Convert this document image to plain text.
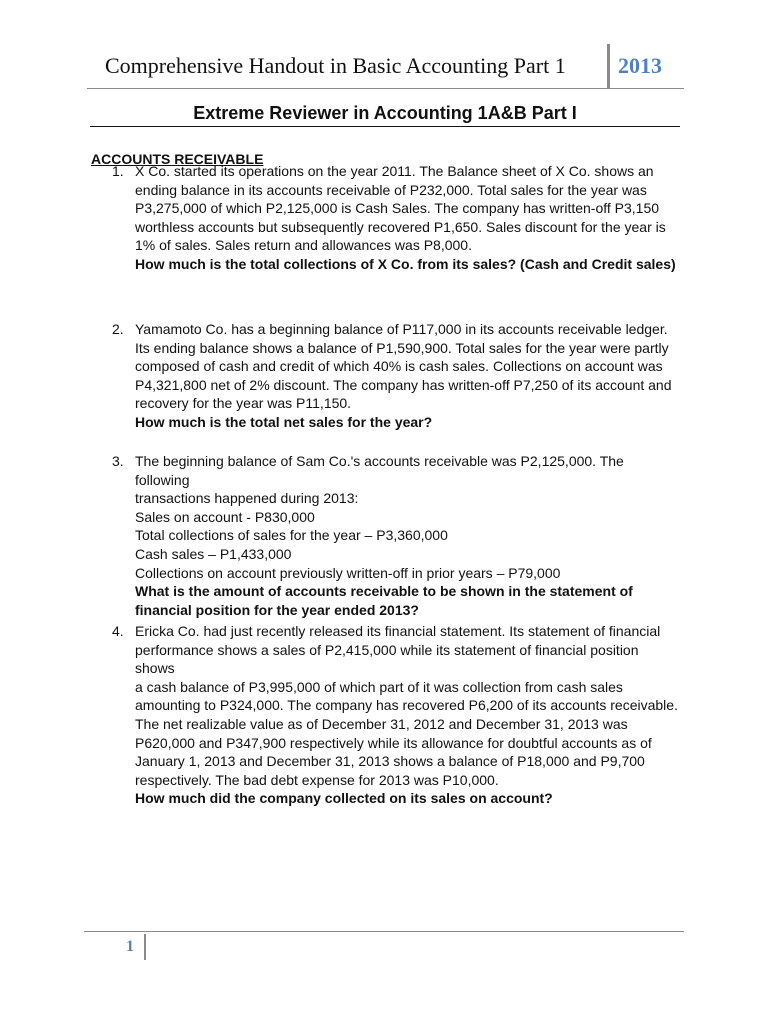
Comprehensive Handout in Basic Accounting Part 1 2013
Extreme Reviewer in Accounting 1A&B Part I
ACCOUNTS RECEIVABLE
1. X Co. started its operations on the year 2011. The Balance sheet of X Co. shows an

ending balance in its accounts receivable of P232,000. Total sales for the year was

P3,275,000 of which P2,125,000 is Cash Sales. The company has written-off P3,150

worthless accounts but subsequently recovered P1,650. Sales discount for the year is

1% of sales. Sales return and allowances was P8,000.

How much is the total collections of X Co. from its sales? (Cash and Credit sales)

2. Yamamoto Co. has a beginning balance of P117,000 in its accounts receivable ledger.

Its ending balance shows a balance of P1,590,900. Total sales for the year were partly

composed of cash and credit of which 40% is cash sales. Collections on account was

P4,321,800 net of 2% discount. The company has written-off P7,250 of its account and

recovery for the year was P11,150.

How much is the total net sales for the year?

3. The beginning balance of Sam Co.'s accounts receivable was P2,125,000. The following

transactions happened during 2013:

Sales on account - P830,000

Total collections of sales for the year – P3,360,000

Cash sales – P1,433,000

Collections on account previously written-off in prior years – P79,000

What is the amount of accounts receivable to be shown in the statement of

financial position for the year ended 2013?

4. Ericka Co. had just recently released its financial statement. Its statement of financial

performance shows a sales of P2,415,000 while its statement of financial position shows

a cash balance of P3,995,000 of which part of it was collection from cash sales

amounting to P324,000. The company has recovered P6,200 of its accounts receivable.

The net realizable value as of December 31, 2012 and December 31, 2013 was

P620,000 and P347,900 respectively while its allowance for doubtful accounts as of

January 1, 2013 and December 31, 2013 shows a balance of P18,000 and P9,700

respectively. The bad debt expense for 2013 was P10,000.

How much did the company collected on its sales on account?

1
